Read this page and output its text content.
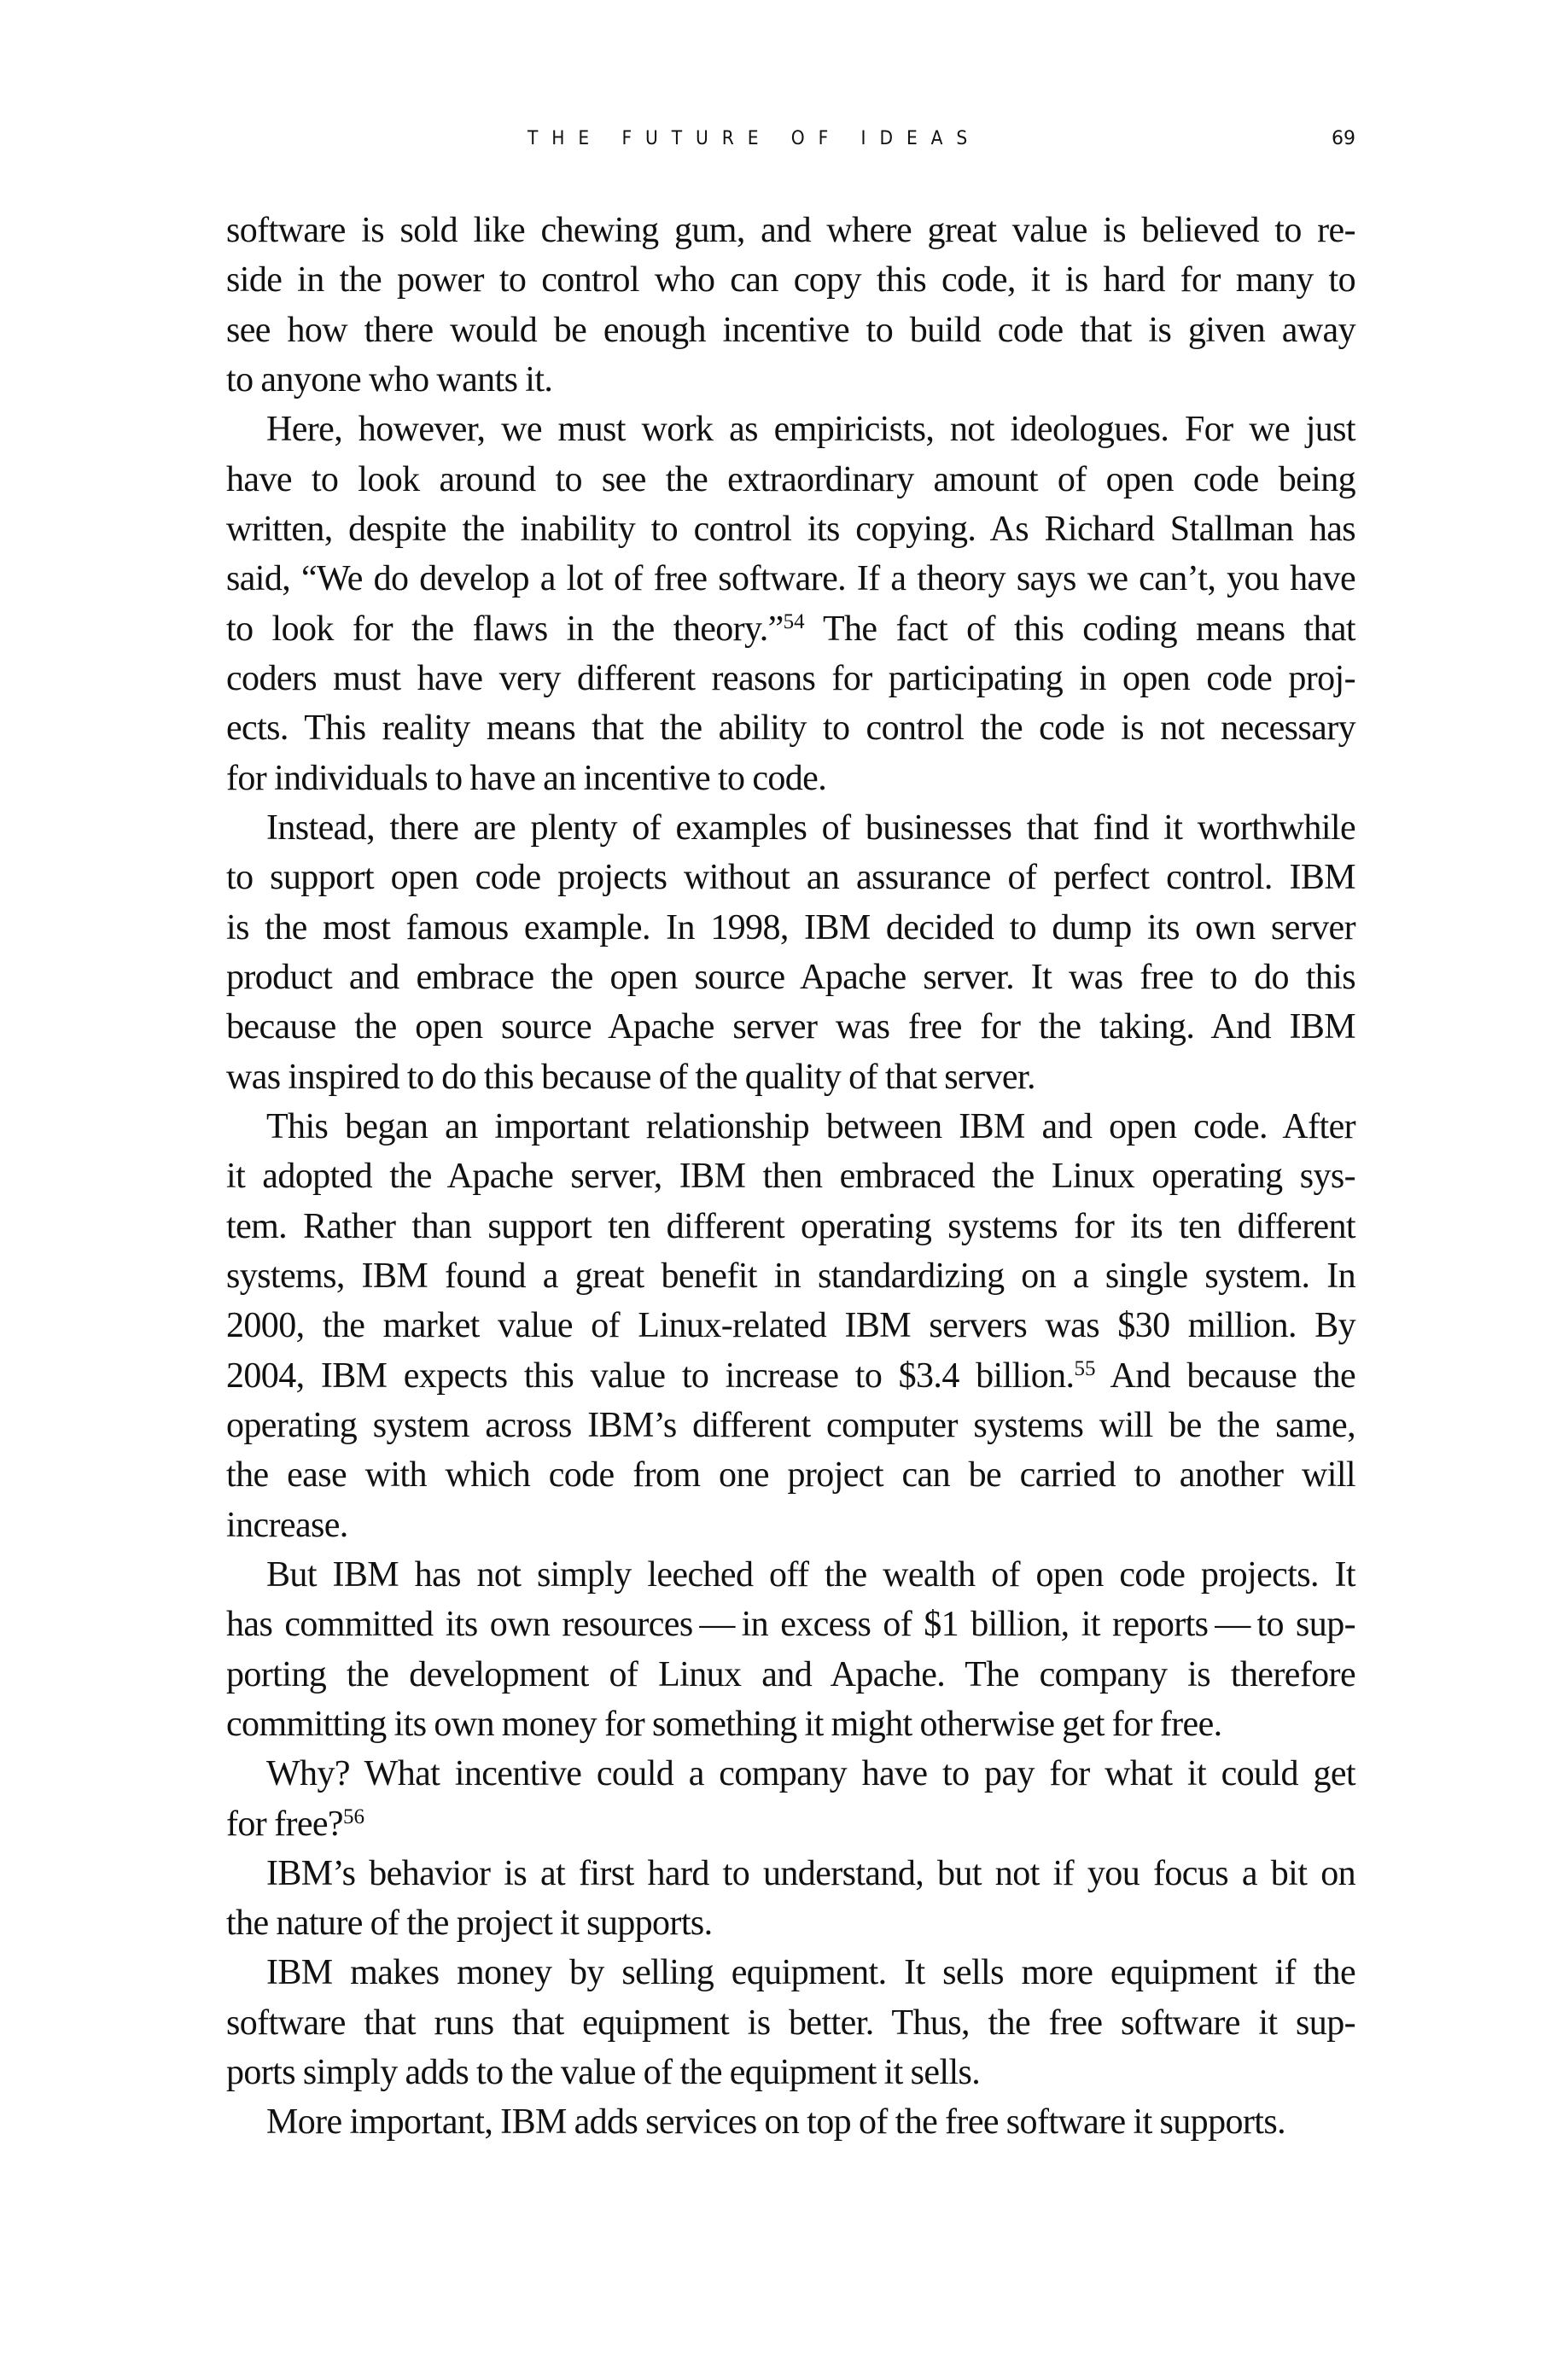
THE FUTURE OF IDEAS	69
software is sold like chewing gum, and where great value is believed to re-
side in the power to control who can copy this code, it is hard for many to
see how there would be enough incentive to build code that is given away
to anyone who wants it.
Here, however, we must work as empiricists, not ideologues. For we just
have to look around to see the extraordinary amount of open code being
written, despite the inability to control its copying. As Richard Stallman has
said, “We do develop a lot of free software. If a theory says we can’t, you have
to look for the flaws in the theory.”$^{54}$ The fact of this coding means that
coders must have very different reasons for participating in open code proj-
ects. This reality means that the ability to control the code is not necessary
for individuals to have an incentive to code.
Instead, there are plenty of examples of businesses that find it worthwhile
to support open code projects without an assurance of perfect control. IBM
is the most famous example. In 1998, IBM decided to dump its own server
product and embrace the open source Apache server. It was free to do this
because the open source Apache server was free for the taking. And IBM
was inspired to do this because of the quality of that server.
This began an important relationship between IBM and open code. After
it adopted the Apache server, IBM then embraced the Linux operating sys-
tem. Rather than support ten different operating systems for its ten different
systems, IBM found a great benefit in standardizing on a single system. In
2000, the market value of Linux-related IBM servers was $30 million. By
2004, IBM expects this value to increase to $3.4 billion.$^{55}$ And because the
operating system across IBM’s different computer systems will be the same,
the ease with which code from one project can be carried to another will
increase.
But IBM has not simply leeched off the wealth of open code projects. It
has committed its own resources — in excess of $1 billion, it reports — to sup-
porting the development of Linux and Apache. The company is therefore
committing its own money for something it might otherwise get for free.
Why? What incentive could a company have to pay for what it could get
for free?$^{56}$
IBM’s behavior is at first hard to understand, but not if you focus a bit on
the nature of the project it supports.
IBM makes money by selling equipment. It sells more equipment if the
software that runs that equipment is better. Thus, the free software it sup-
ports simply adds to the value of the equipment it sells.
More important, IBM adds services on top of the free software it supports.
